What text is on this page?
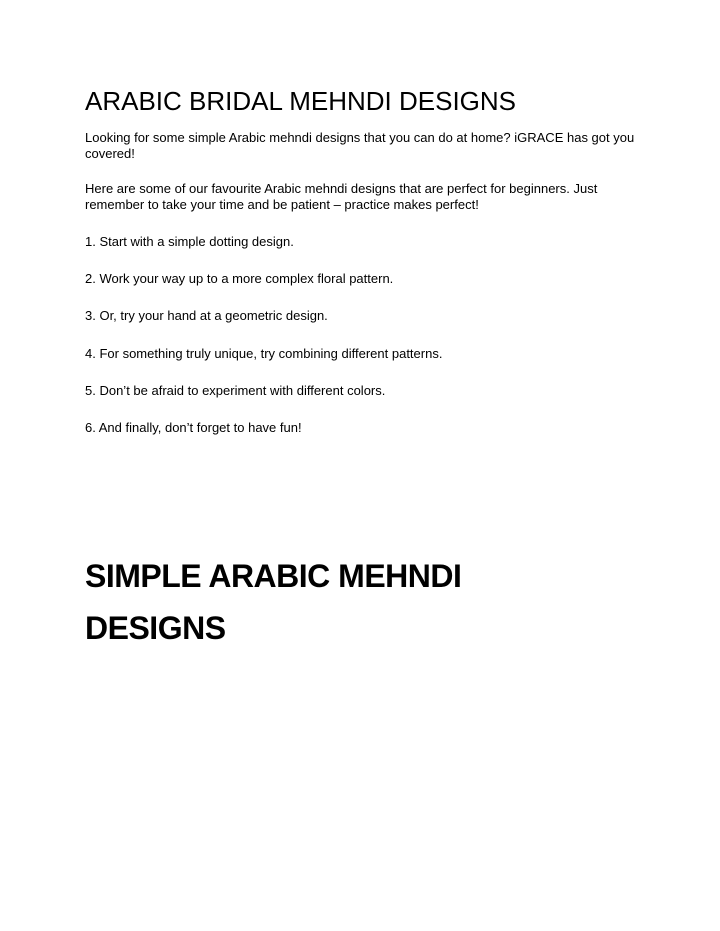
ARABIC BRIDAL MEHNDI DESIGNS

Looking for some simple Arabic mehndi designs that you can do at home? iGRACE has got you covered!

Here are some of our favourite Arabic mehndi designs that are perfect for beginners. Just remember to take your time and be patient – practice makes perfect!

1. Start with a simple dotting design.

2. Work your way up to a more complex floral pattern.

3. Or, try your hand at a geometric design.

4. For something truly unique, try combining different patterns.

5. Don’t be afraid to experiment with different colors.

6. And finally, don’t forget to have fun!

SIMPLE ARABIC MEHNDI DESIGNS
